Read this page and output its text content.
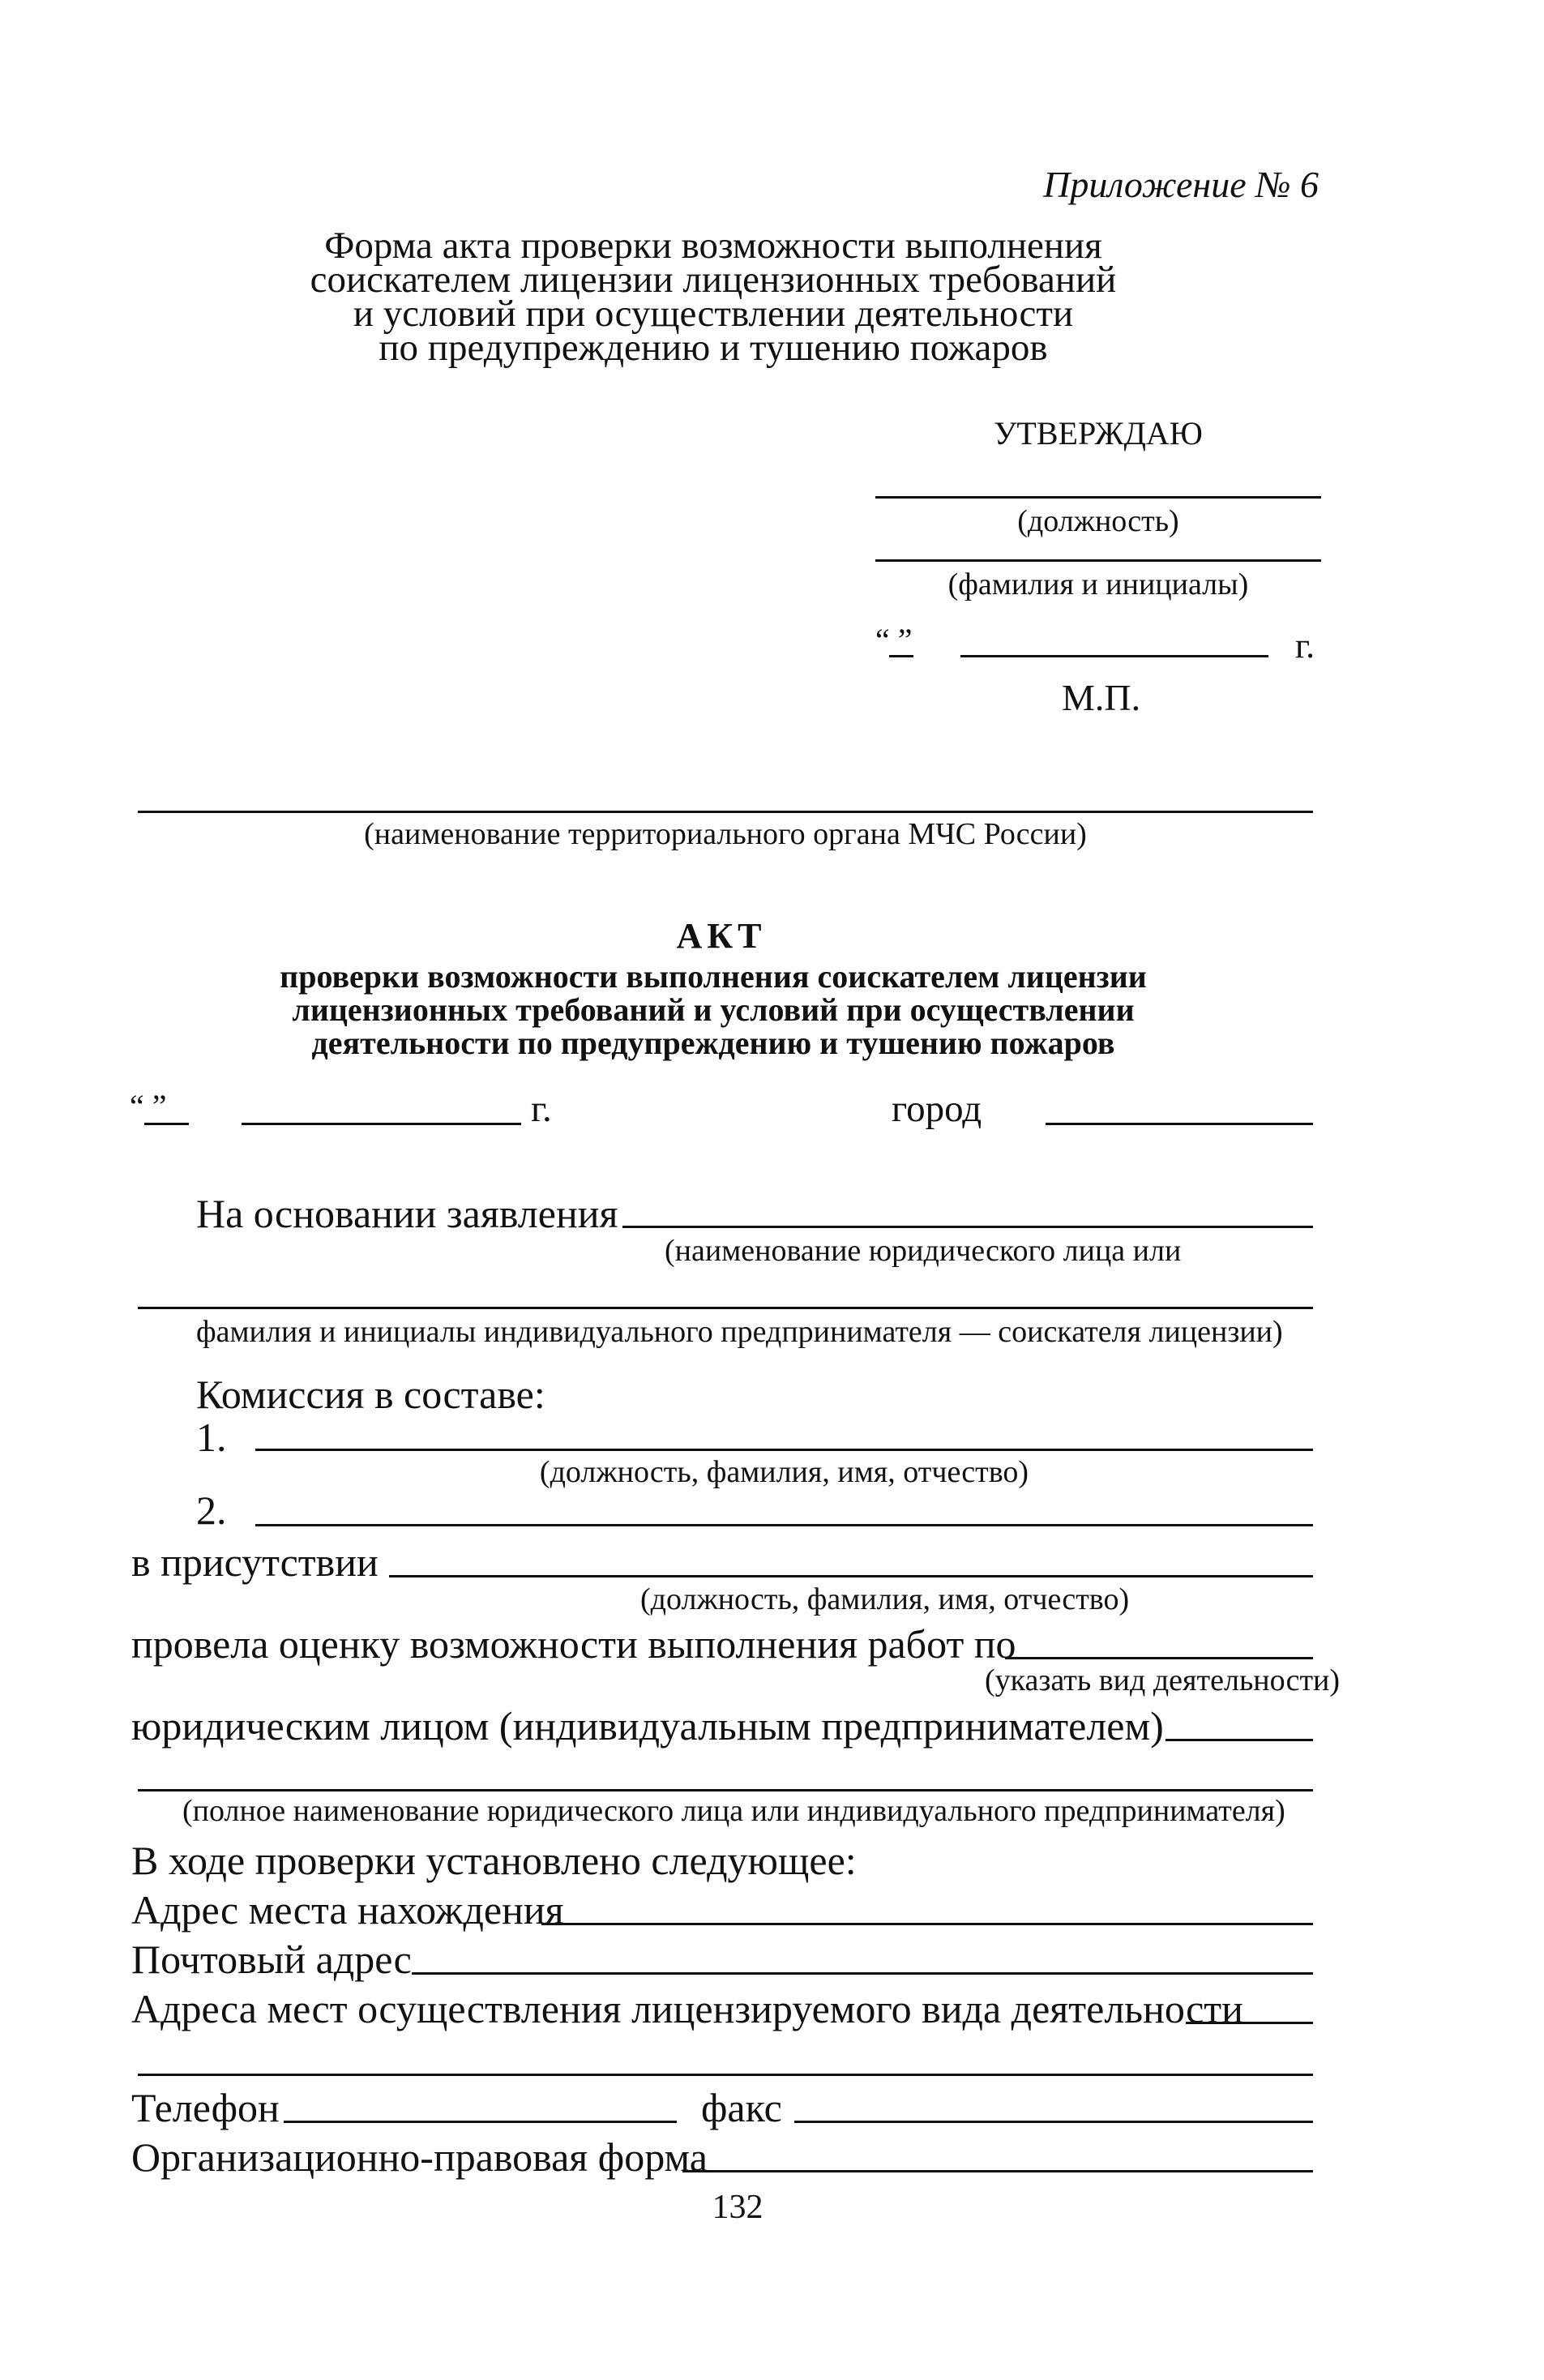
Приложение № 6
Форма акта проверки возможности выполнения
соискателем лицензии лицензионных требований
и условий при осуществлении деятельности
по предупреждению и тушению пожаров
УТВЕРЖДАЮ
(должность)
(фамилия и инициалы)
“ ”	г.
М.П.
(наименование территориального органа МЧС России)
АКТ
проверки возможности выполнения соискателем лицензии
лицензионных требований и условий при осуществлении
деятельности по предупреждению и тушению пожаров
“ ”	г.	город
На основании заявления
(наименование юридического лица или
фамилия и инициалы индивидуального предпринимателя — соискателя лицензии)
Комиссия в составе:
1.
(должность, фамилия, имя, отчество)
2.
в присутствии
(должность, фамилия, имя, отчество)
провела оценку возможности выполнения работ по
(указать вид деятельности)
юридическим лицом (индивидуальным предпринимателем)
(полное наименование юридического лица или индивидуального предпринимателя)
В ходе проверки установлено следующее:
Адрес места нахождения
Почтовый адрес
Адреса мест осуществления лицензируемого вида деятельности
Телефон	факс
Организационно-правовая форма
132
